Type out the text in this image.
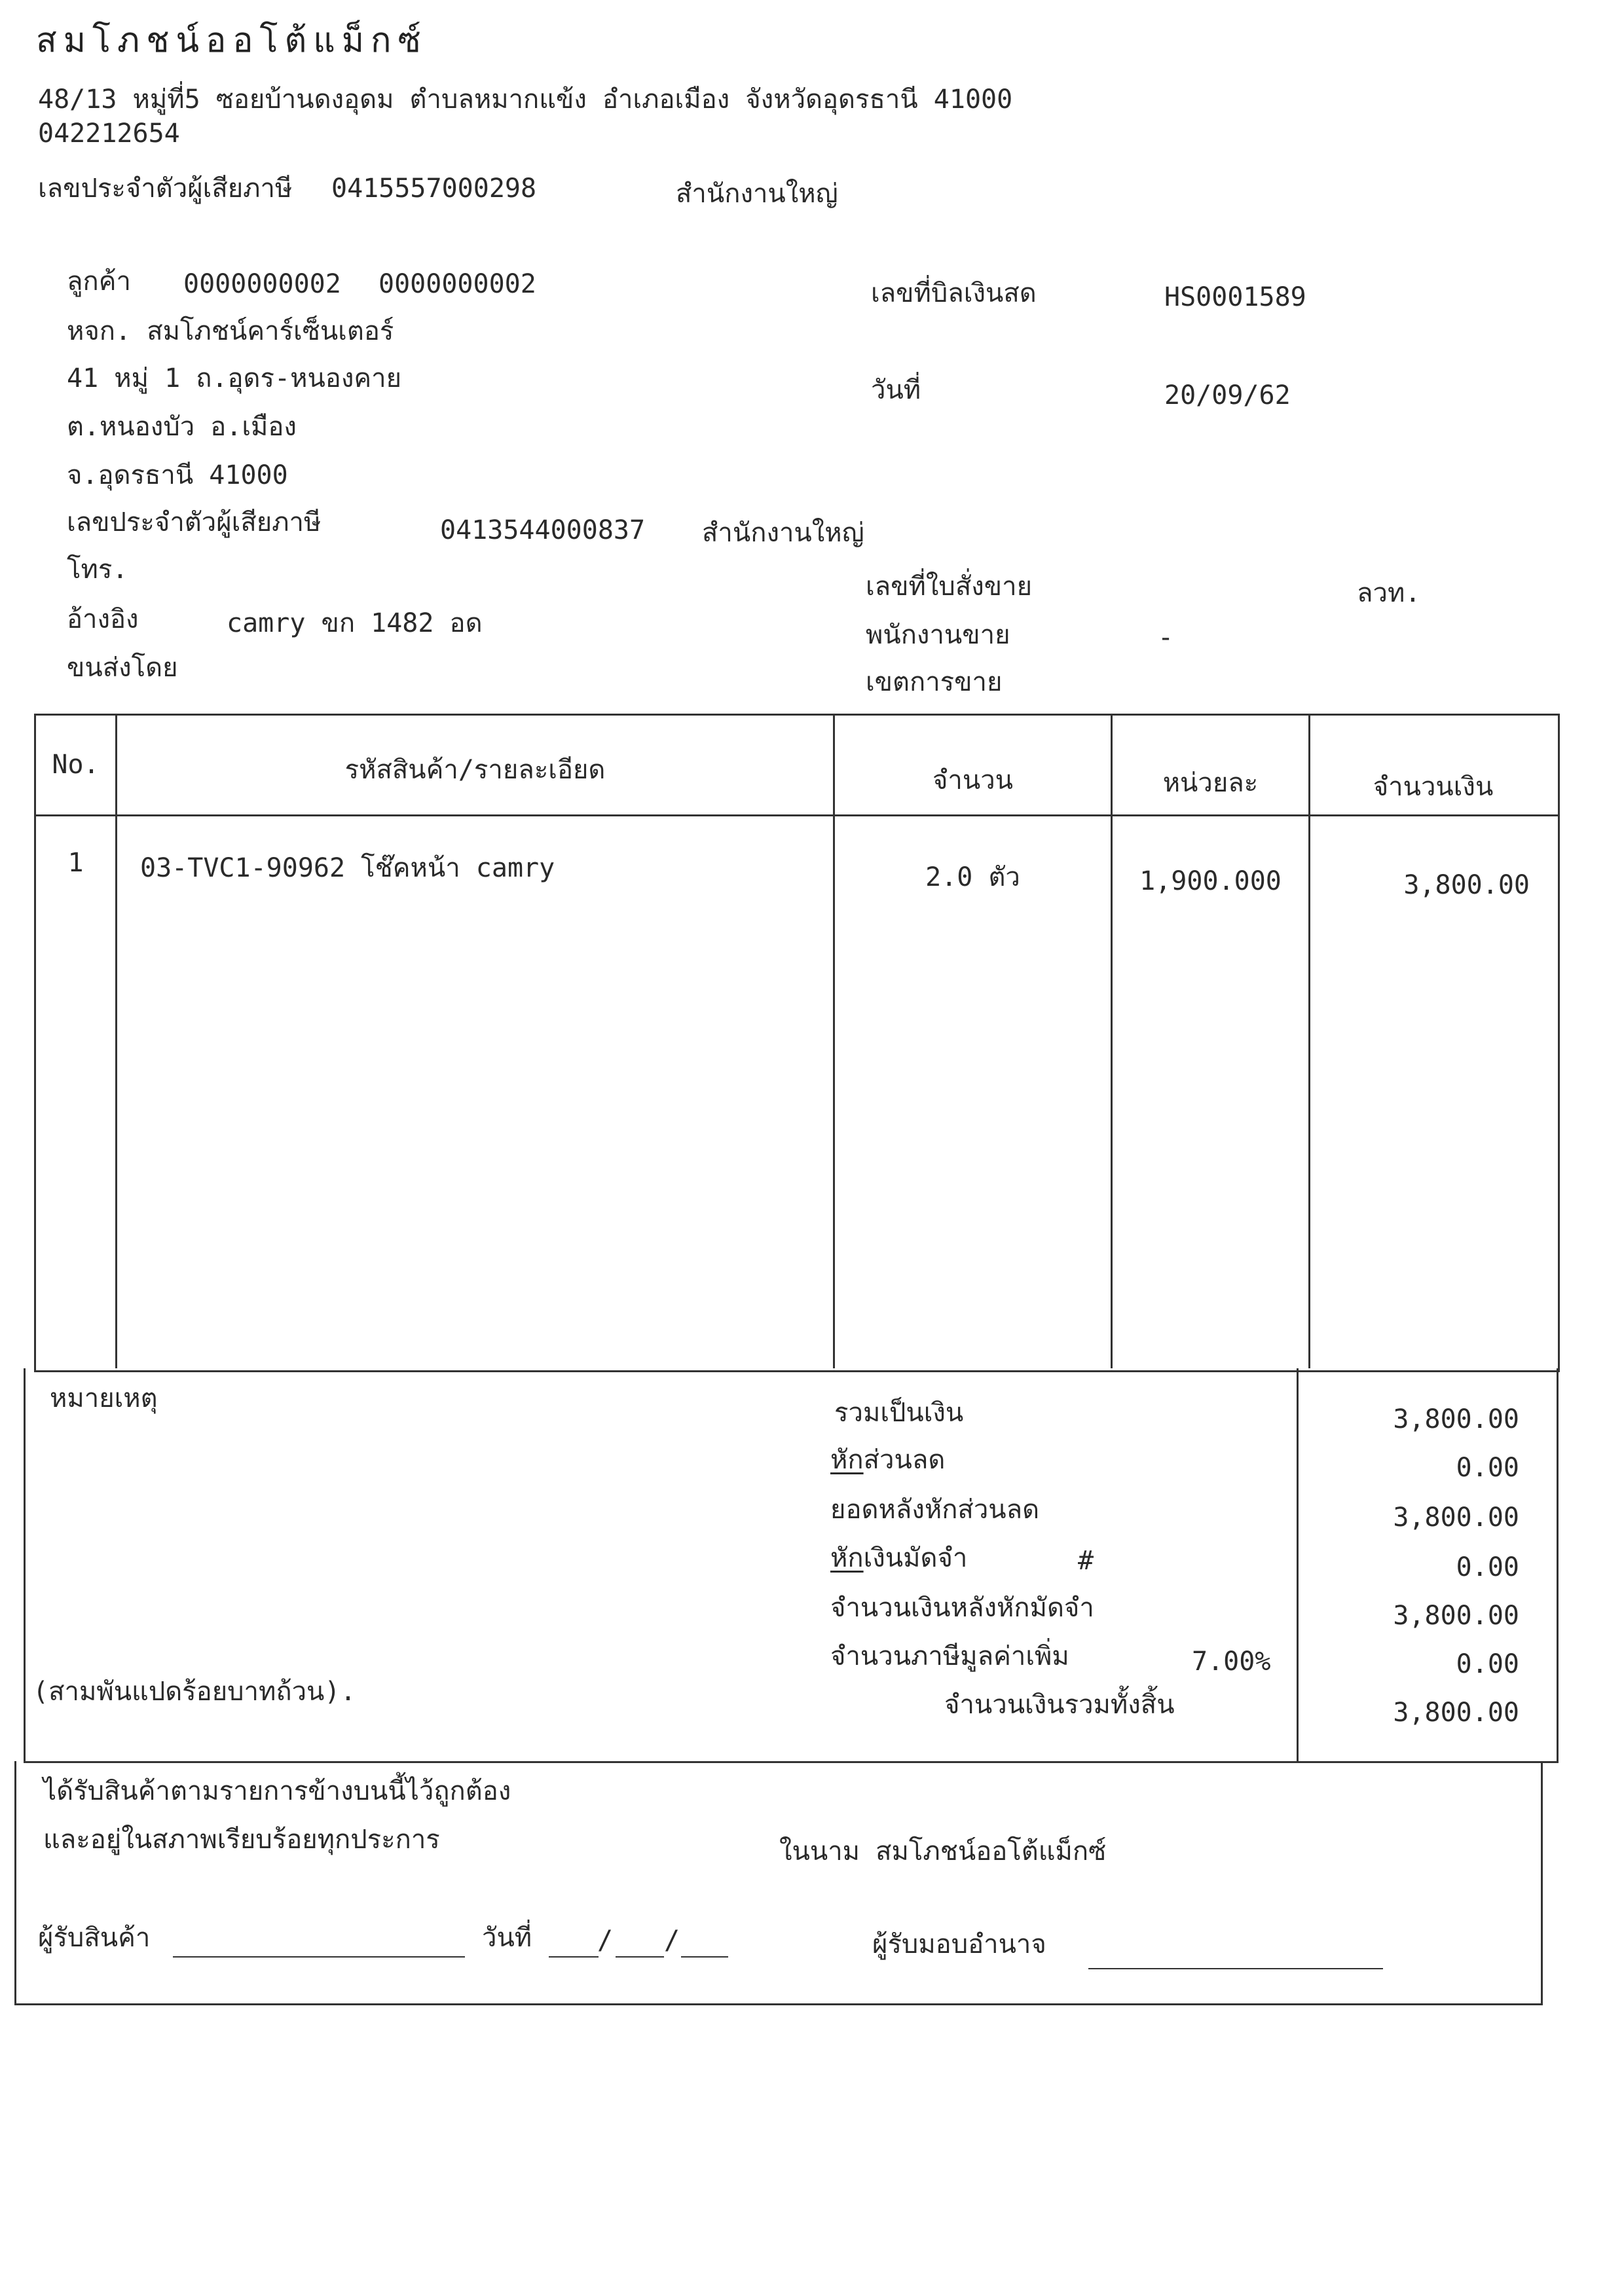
สมโภชน์ออโต้แม็กซ์
48/13 หมู่ที่5 ซอยบ้านดงอุดม ตำบลหมากแข้ง อำเภอเมือง จังหวัดอุดรธานี 41000
042212654
เลขประจำตัวผู้เสียภาษี 0415557000298	สำนักงานใหญ่
ลูกค้า 0000000002 0000000002
หจก. สมโภชน์คาร์เซ็นเตอร์
41 หมู่ 1 ถ.อุดร-หนองคาย
ต.หนองบัว อ.เมือง
จ.อุดรธานี 41000
เลขประจำตัวผู้เสียภาษี	0413544000837 สำนักงานใหญ่
โทร.
อ้างอิง	camry ขก 1482 อด
ขนส่งโดย
เลขที่บิลเงินสด	HS0001589
วันที่	20/09/62
เลขที่ใบสั่งขาย	ลวท.
พนักงานขาย	-
เขตการขาย
No.	รหัสสินค้า/รายละเอียด	จำนวน	หน่วยละ	จำนวนเงิน
1	03-TVC1-90962 โช๊คหน้า camry	2.0 ตัว	1,900.000	3,800.00
หมายเหตุ
(สามพันแปดร้อยบาทถ้วน).
รวมเป็นเงิน	3,800.00
หักส่วนลด	0.00
ยอดหลังหักส่วนลด	3,800.00
หักเงินมัดจำ	#	0.00
จำนวนเงินหลังหักมัดจำ	3,800.00
จำนวนภาษีมูลค่าเพิ่ม	7.00%	0.00
จำนวนเงินรวมทั้งสิ้น	3,800.00
ได้รับสินค้าตามรายการข้างบนนี้ไว้ถูกต้อง
และอยู่ในสภาพเรียบร้อยทุกประการ	ในนาม สมโภชน์ออโต้แม็กซ์
ผู้รับสินค้า	วันที่ / /	ผู้รับมอบอำนาจ
